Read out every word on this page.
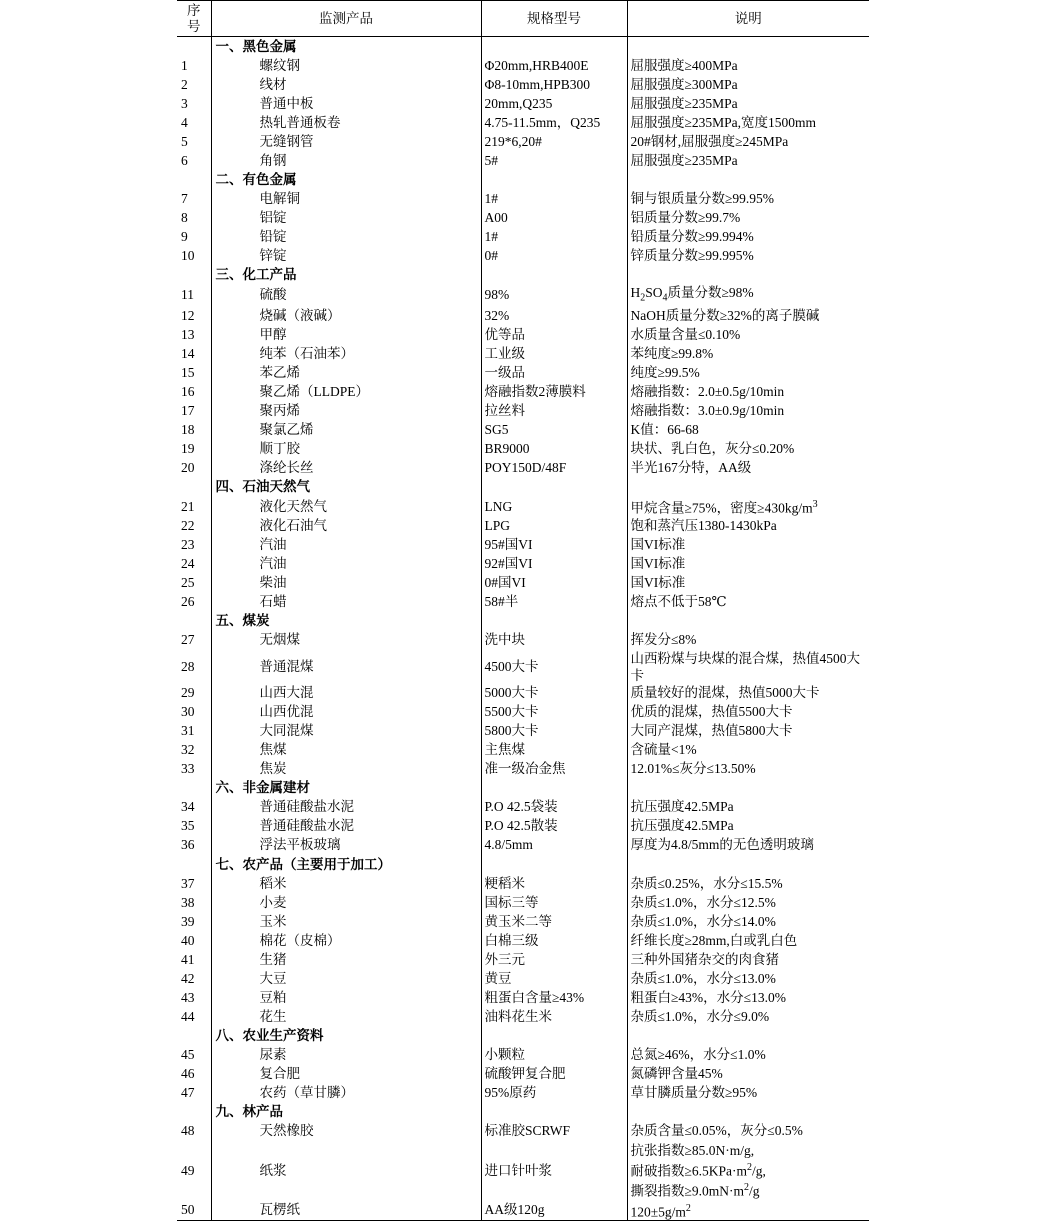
序
号	监测产品	规格型号	说明
	一、黑色金属		
1	螺纹钢	Φ20mm,HRB400E	屈服强度≥400MPa
2	线材	Φ8-10mm,HPB300	屈服强度≥300MPa
3	普通中板	20mm,Q235	屈服强度≥235MPa
4	热轧普通板卷	4.75-11.5mm，Q235	屈服强度≥235MPa,宽度1500mm
5	无缝钢管	219*6,20#	20#钢材,屈服强度≥245MPa
6	角钢	5#	屈服强度≥235MPa
	二、有色金属		
7	电解铜	1#	铜与银质量分数≥99.95%
8	铝锭	A00	铝质量分数≥99.7%
9	铅锭	1#	铅质量分数≥99.994%
10	锌锭	0#	锌质量分数≥99.995%
	三、化工产品		
11	硫酸	98%	$H_2SO_4$质量分数≥98%
12	烧碱（液碱）	32%	NaOH质量分数≥32%的离子膜碱
13	甲醇	优等品	水质量含量≤0.10%
14	纯苯（石油苯）	工业级	苯纯度≥99.8%
15	苯乙烯	一级品	纯度≥99.5%
16	聚乙烯（LLDPE）	熔融指数2薄膜料	熔融指数：2.0±0.5g/10min
17	聚丙烯	拉丝料	熔融指数：3.0±0.9g/10min
18	聚氯乙烯	SG5	K值：66-68
19	顺丁胶	BR9000	块状、乳白色，灰分≤0.20%
20	涤纶长丝	POY150D/48F	半光167分特，AA级
	四、石油天然气		
21	液化天然气	LNG	甲烷含量≥75%，密度$\ge 430kg/m^3$
22	液化石油气	LPG	饱和蒸汽压1380-1430kPa
23	汽油	95#国VI	国VI标准
24	汽油	92#国VI	国VI标准
25	柴油	0#国VI	国VI标准
26	石蜡	58#半	熔点不低于58℃
	五、煤炭		
27	无烟煤	洗中块	挥发分≤8%
28	普通混煤	4500大卡	山西粉煤与块煤的混合煤，热值4500大卡
29	山西大混	5000大卡	质量较好的混煤，热值5000大卡
30	山西优混	5500大卡	优质的混煤，热值5500大卡
31	大同混煤	5800大卡	大同产混煤，热值5800大卡
32	焦煤	主焦煤	含硫量<1%
33	焦炭	准一级冶金焦	12.01%≤灰分≤13.50%
	六、非金属建材		
34	普通硅酸盐水泥	P.O 42.5袋装	抗压强度42.5MPa
35	普通硅酸盐水泥	P.O 42.5散装	抗压强度42.5MPa
36	浮法平板玻璃	4.8/5mm	厚度为4.8/5mm的无色透明玻璃
	七、农产品（主要用于加工）		
37	稻米	粳稻米	杂质≤0.25%，水分≤15.5%
38	小麦	国标三等	杂质≤1.0%，水分≤12.5%
39	玉米	黄玉米二等	杂质≤1.0%，水分≤14.0%
40	棉花（皮棉）	白棉三级	纤维长度≥28mm,白或乳白色
41	生猪	外三元	三种外国猪杂交的肉食猪
42	大豆	黄豆	杂质≤1.0%，水分≤13.0%
43	豆粕	粗蛋白含量≥43%	粗蛋白≥43%，水分≤13.0%
44	花生	油料花生米	杂质≤1.0%，水分≤9.0%
	八、农业生产资料		
45	尿素	小颗粒	总氮≥46%，水分≤1.0%
46	复合肥	硫酸钾复合肥	氮磷钾含量45%
47	农药（草甘膦）	95%原药	草甘膦质量分数≥95%
	九、林产品		
48	天然橡胶	标准胶SCRWF	杂质含量≤0.05%，灰分≤0.5%
49	纸浆	进口针叶浆	抗张指数≥85.0N·m/g,
耐破指数$\ge 6.5KPa\cdot m^2/g$,
撕裂指数$\ge 9.0mN\cdot m^2/g$
50	瓦楞纸	AA级120g	$120\pm 5g/m^2$
